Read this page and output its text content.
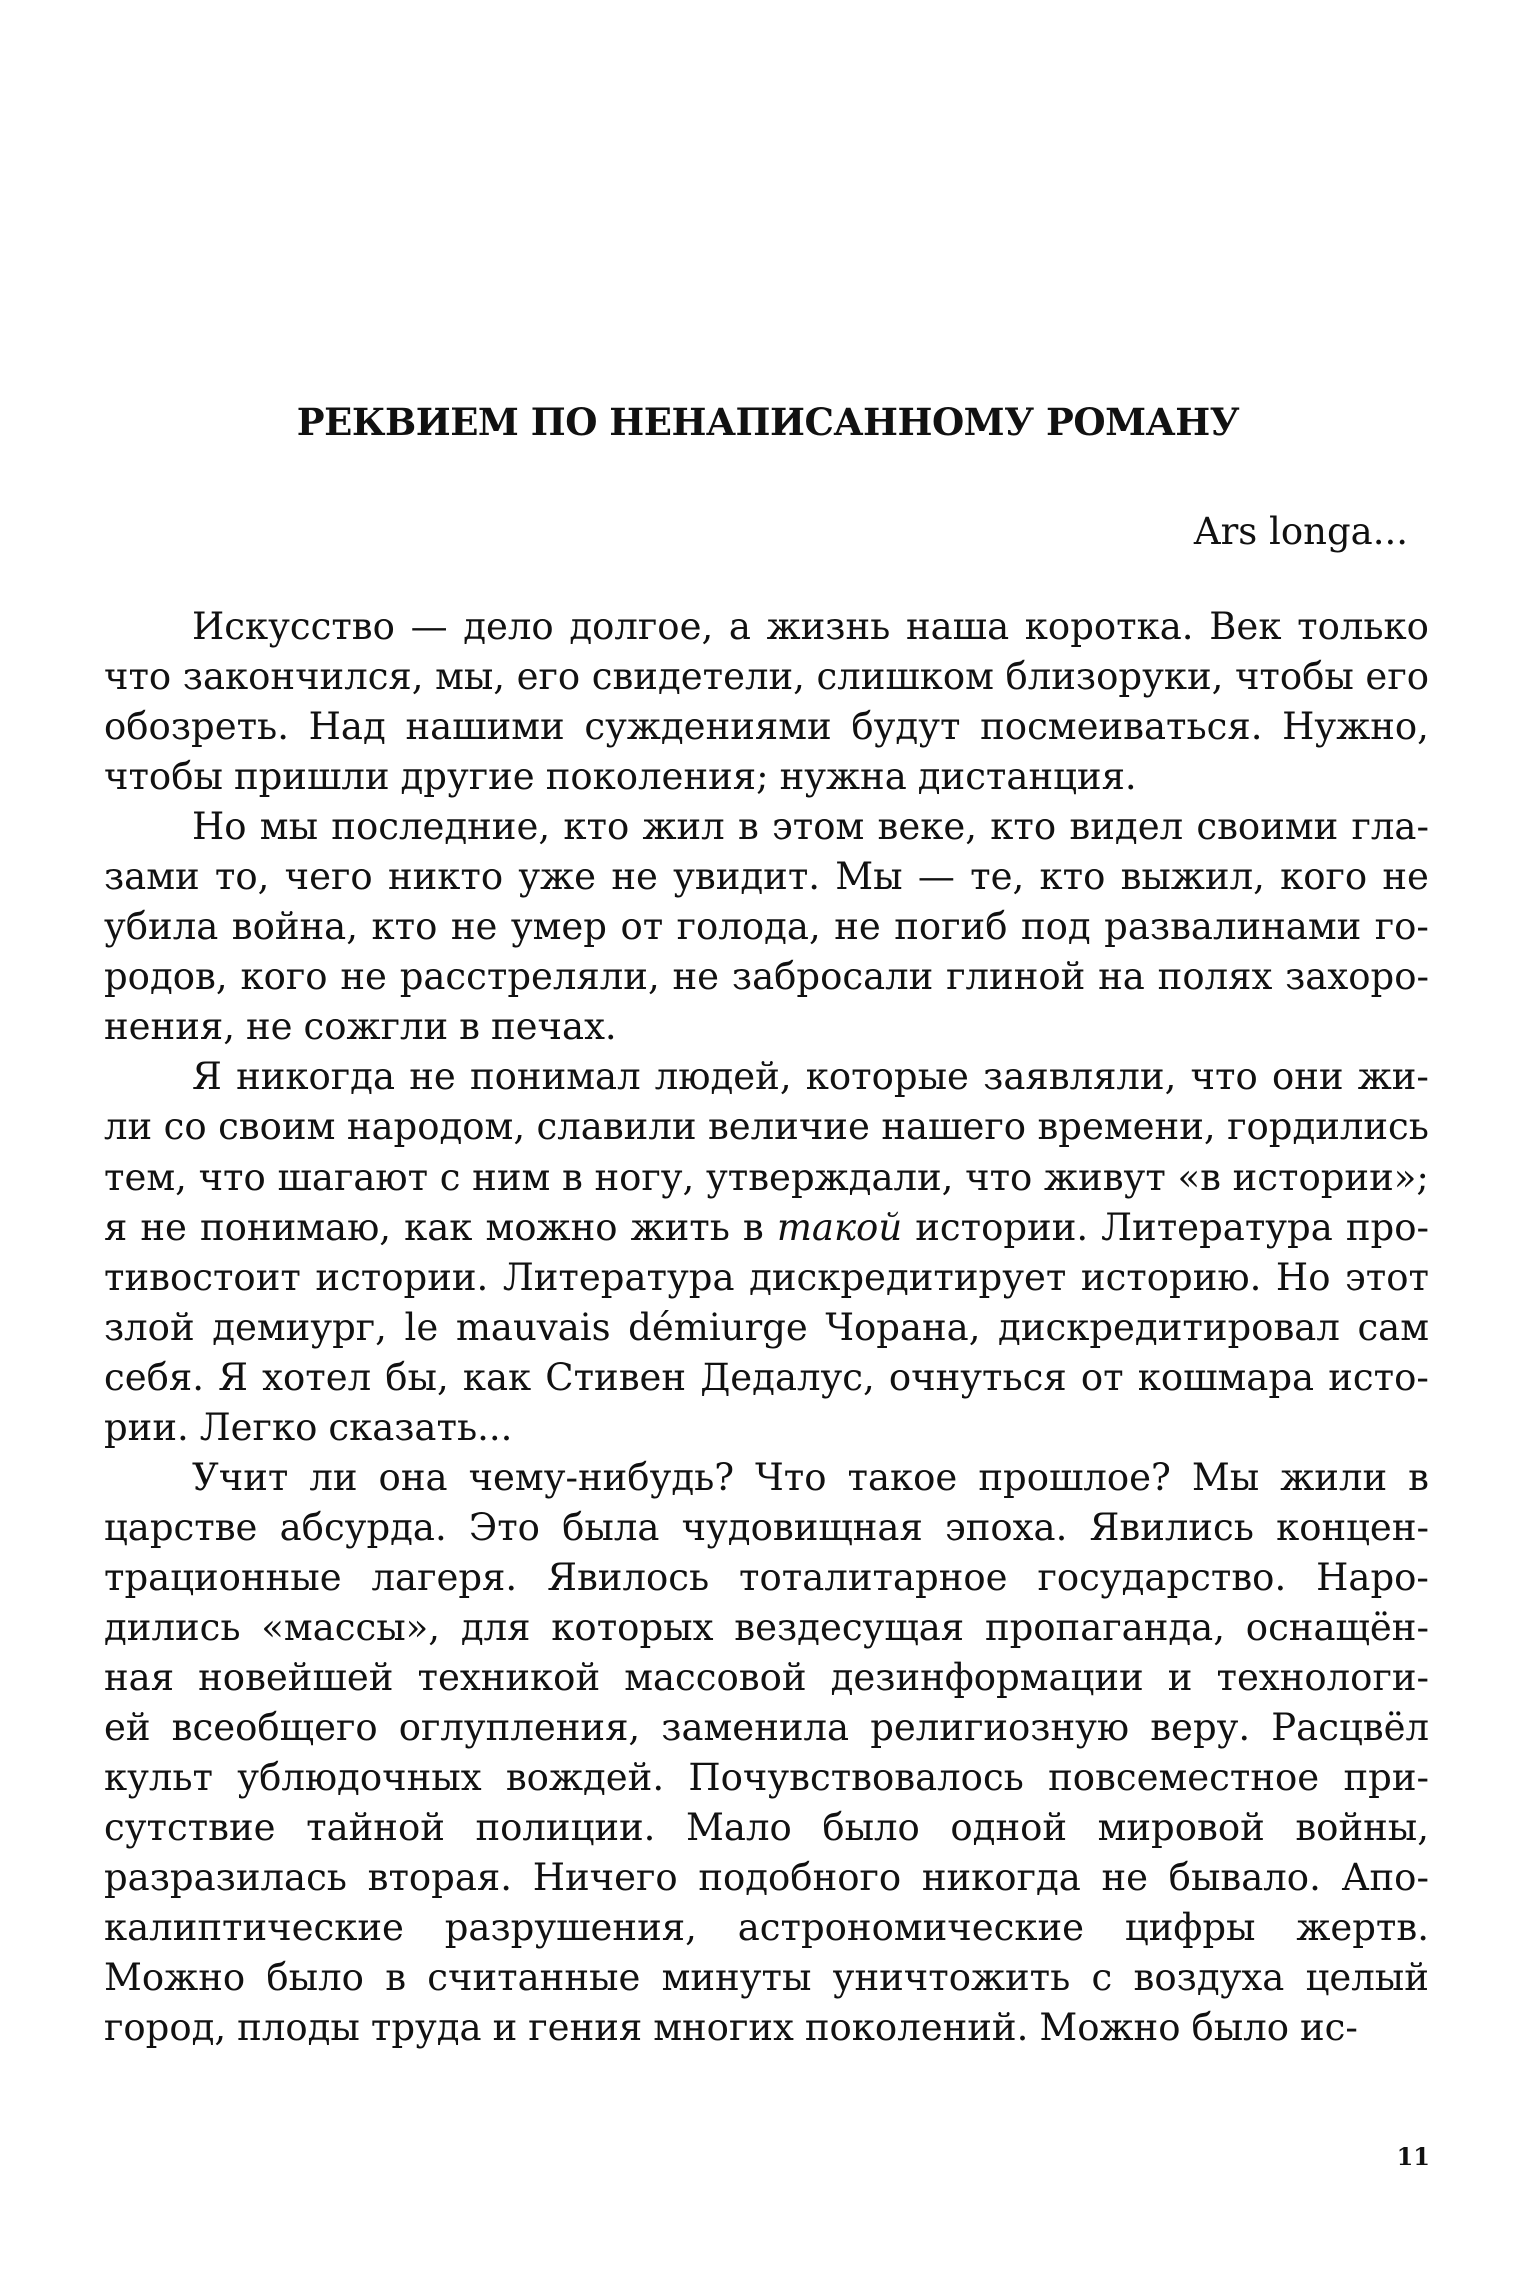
РЕКВИЕМ ПО НЕНАПИСАННОМУ РОМАНУ

Ars longa...

Искусство — дело долгое, а жизнь наша коротка. Век только
что закончился, мы, его свидетели, слишком близоруки, чтобы его
обозреть. Над нашими суждениями будут посмеиваться. Нужно,
чтобы пришли другие поколения; нужна дистанция.
Но мы последние, кто жил в этом веке, кто видел своими гла-
зами то, чего никто уже не увидит. Мы — те, кто выжил, кого не
убила война, кто не умер от голода, не погиб под развалинами го-
родов, кого не расстреляли, не забросали глиной на полях захоро-
нения, не сожгли в печах.
Я никогда не понимал людей, которые заявляли, что они жи-
ли со своим народом, славили величие нашего времени, гордились
тем, что шагают с ним в ногу, утверждали, что живут «в истории»;
я не понимаю, как можно жить в такой истории. Литература про-
тивостоит истории. Литература дискредитирует историю. Но этот
злой демиург, le mauvais démiurge Чорана, дискредитировал сам
себя. Я хотел бы, как Стивен Дедалус, очнуться от кошмара исто-
рии. Легко сказать...
Учит ли она чему-нибудь? Что такое прошлое? Мы жили в
царстве абсурда. Это была чудовищная эпоха. Явились концен-
трационные лагеря. Явилось тоталитарное государство. Наро-
дились «массы», для которых вездесущая пропаганда, оснащён-
ная новейшей техникой массовой дезинформации и технологи-
ей всеобщего оглупления, заменила религиозную веру. Расцвёл
культ ублюдочных вождей. Почувствовалось повсеместное при-
сутствие тайной полиции. Мало было одной мировой войны,
разразилась вторая. Ничего подобного никогда не бывало. Апо-
калиптические разрушения, астрономические цифры жертв.
Можно было в считанные минуты уничтожить с воздуха целый
город, плоды труда и гения многих поколений. Можно было ис-

11
